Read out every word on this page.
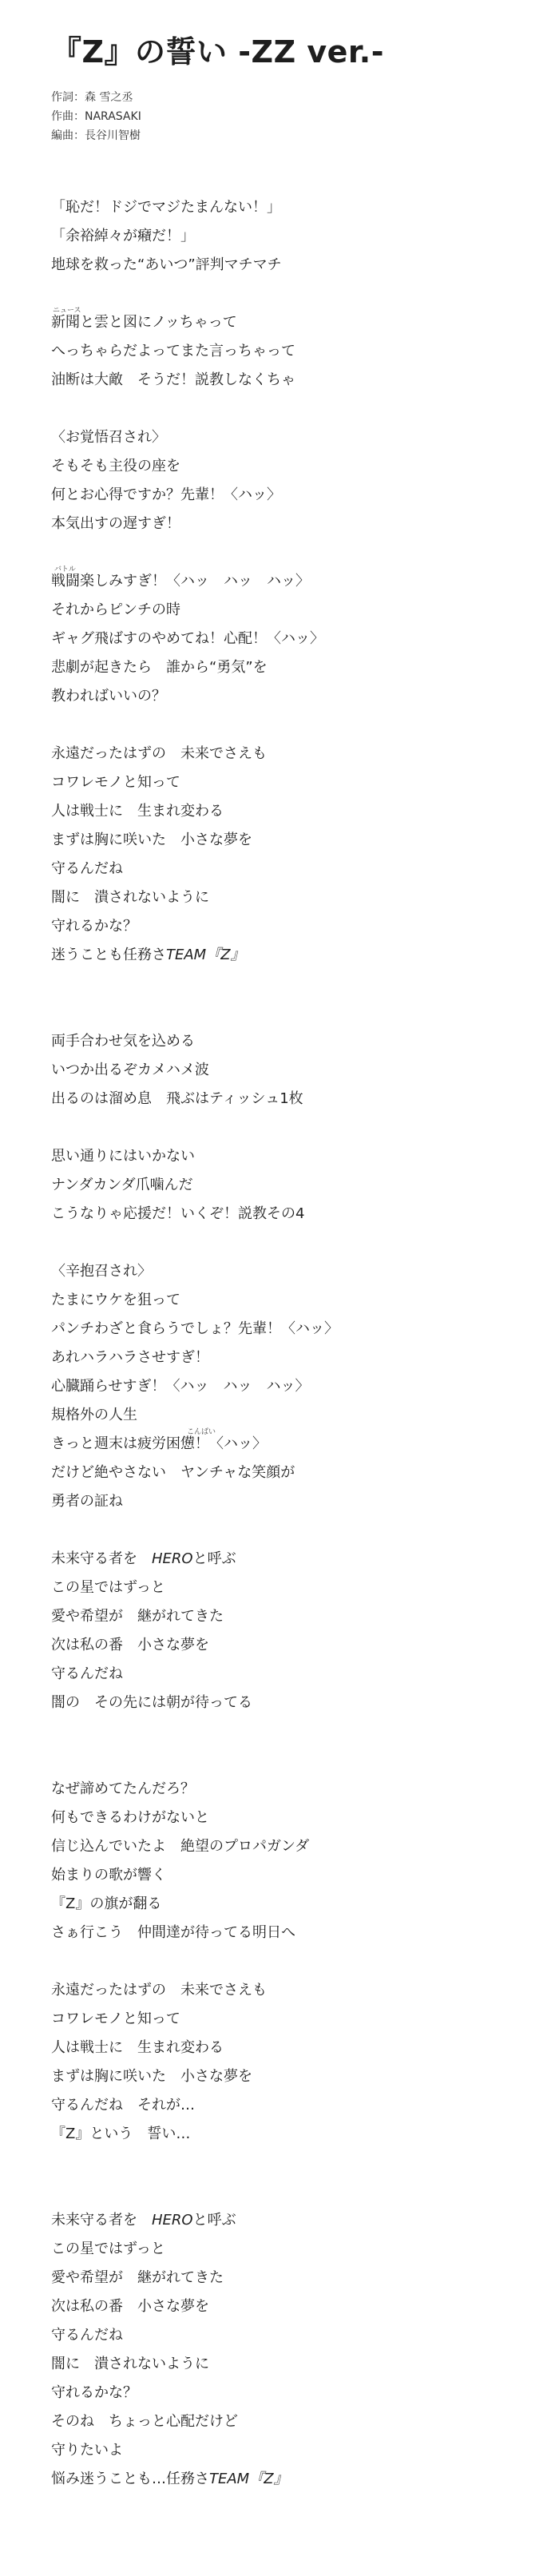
『Z』の誓い -ZZ ver.-
作詞：森 雪之丞
作曲：NARASAKI
編曲：長谷川智樹
「恥だ！ドジでマジたまんない！」
「余裕綽々が癪だ！」
地球を救った“あいつ”評判マチマチ
ニュース
新聞と雲と図にノッちゃって
へっちゃらだよってまた言っちゃって
油断は大敵　そうだ！説教しなくちゃ
〈お覚悟召され〉
そもそも主役の座を
何とお心得ですか？先輩！〈ハッ〉
本気出すの遅すぎ！
バトル
戦闘楽しみすぎ！〈ハッ　ハッ　ハッ〉
それからピンチの時
ギャグ飛ばすのやめてね！心配！〈ハッ〉
悲劇が起きたら　誰から“勇気”を
教わればいいの？
永遠だったはずの　未来でさえも
コワレモノと知って
人は戦士に　生まれ変わる
まずは胸に咲いた　小さな夢を
守るんだね
闇に　潰されないように
守れるかな？
迷うことも任務さTEAM『Z』
両手合わせ気を込める
いつか出るぞカメハメ波
出るのは溜め息　飛ぶはティッシュ1枚
思い通りにはいかない
ナンダカンダ爪噛んだ
こうなりゃ応援だ！いくぞ！説教その4
〈辛抱召され〉
たまにウケを狙って
パンチわざと食らうでしょ？先輩！〈ハッ〉
あれハラハラさせすぎ！
心臓踊らせすぎ！〈ハッ　ハッ　ハッ〉
規格外の人生
こんぱい
きっと週末は疲労困憊！〈ハッ〉
だけど絶やさない　ヤンチャな笑顔が
勇者の証ね
未来守る者を　HEROと呼ぶ
この星ではずっと
愛や希望が　継がれてきた
次は私の番　小さな夢を
守るんだね
闇の　その先には朝が待ってる
なぜ諦めてたんだろ？
何もできるわけがないと
信じ込んでいたよ　絶望のプロパガンダ
始まりの歌が響く
『Z』の旗が翻る
さぁ行こう　仲間達が待ってる明日へ
永遠だったはずの　未来でさえも
コワレモノと知って
人は戦士に　生まれ変わる
まずは胸に咲いた　小さな夢を
守るんだね　それが…
『Z』という　誓い…
未来守る者を　HEROと呼ぶ
この星ではずっと
愛や希望が　継がれてきた
次は私の番　小さな夢を
守るんだね
闇に　潰されないように
守れるかな？
そのね　ちょっと心配だけど
守りたいよ
悩み迷うことも…任務さTEAM『Z』
